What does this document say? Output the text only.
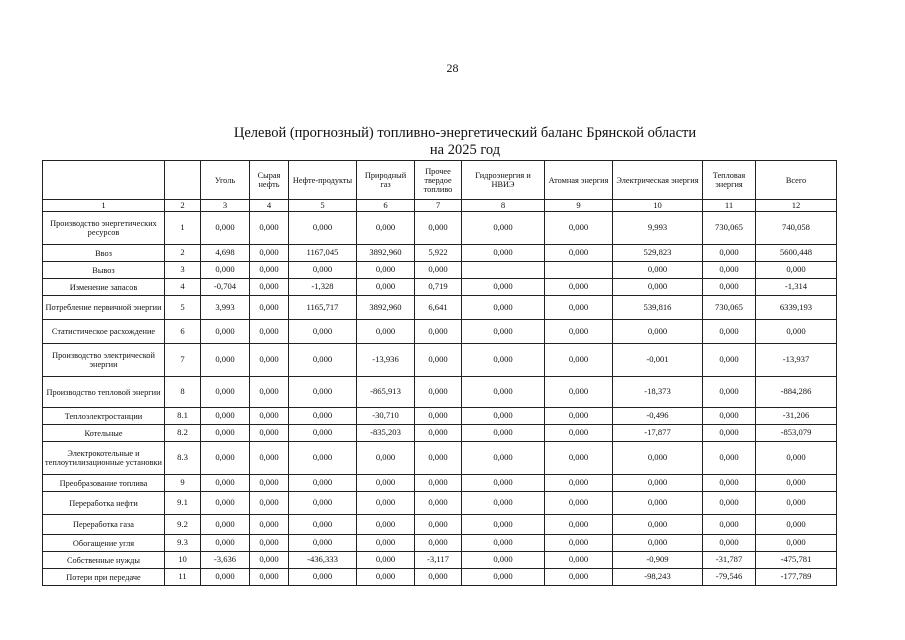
28
Целевой (прогнозный) топливно-энергетический баланс Брянской области
на 2025 год
		Уголь	Сырая нефть	Нефте-продукты	Природный газ	Прочее твердое топливо	Гидроэнергия и НВИЭ	Атомная энергия	Электрическая энергия	Тепловая энергия	Всего
1	2	3	4	5	6	7	8	9	10	11	12
Производство энергетических ресурсов	1	0,000	0,000	0,000	0,000	0,000	0,000	0,000	9,993	730,065	740,058
Ввоз	2	4,698	0,000	1167,045	3892,960	5,922	0,000	0,000	529,823	0,000	5600,448
Вывоз	3	0,000	0,000	0,000	0,000	0,000			0,000	0,000	0,000
Изменение запасов	4	-0,704	0,000	-1,328	0,000	0,719	0,000	0,000	0,000	0,000	-1,314
Потребление первичной энергии	5	3,993	0,000	1165,717	3892,960	6,641	0,000	0,000	539,816	730,065	6339,193
Статистическое расхождение	6	0,000	0,000	0,000	0,000	0,000	0,000	0,000	0,000	0,000	0,000
Производство электрической энергии	7	0,000	0,000	0,000	-13,936	0,000	0,000	0,000	-0,001	0,000	-13,937
Производство тепловой энергии	8	0,000	0,000	0,000	-865,913	0,000	0,000	0,000	-18,373	0,000	-884,286
Теплоэлектростанции	8.1	0,000	0,000	0,000	-30,710	0,000	0,000	0,000	-0,496	0,000	-31,206
Котельные	8.2	0,000	0,000	0,000	-835,203	0,000	0,000	0,000	-17,877	0,000	-853,079
Электрокотельные и теплоутилизационные установки	8.3	0,000	0,000	0,000	0,000	0,000	0,000	0,000	0,000	0,000	0,000
Преобразование топлива	9	0,000	0,000	0,000	0,000	0,000	0,000	0,000	0,000	0,000	0,000
Переработка нефти	9.1	0,000	0,000	0,000	0,000	0,000	0,000	0,000	0,000	0,000	0,000
Переработка газа	9.2	0,000	0,000	0,000	0,000	0,000	0,000	0,000	0,000	0,000	0,000
Обогащение угля	9.3	0,000	0,000	0,000	0,000	0,000	0,000	0,000	0,000	0,000	0,000
Собственные нужды	10	-3,636	0,000	-436,333	0,000	-3,117	0,000	0,000	-0,909	-31,787	-475,781
Потери при передаче	11	0,000	0,000	0,000	0,000	0,000	0,000	0,000	-98,243	-79,546	-177,789
